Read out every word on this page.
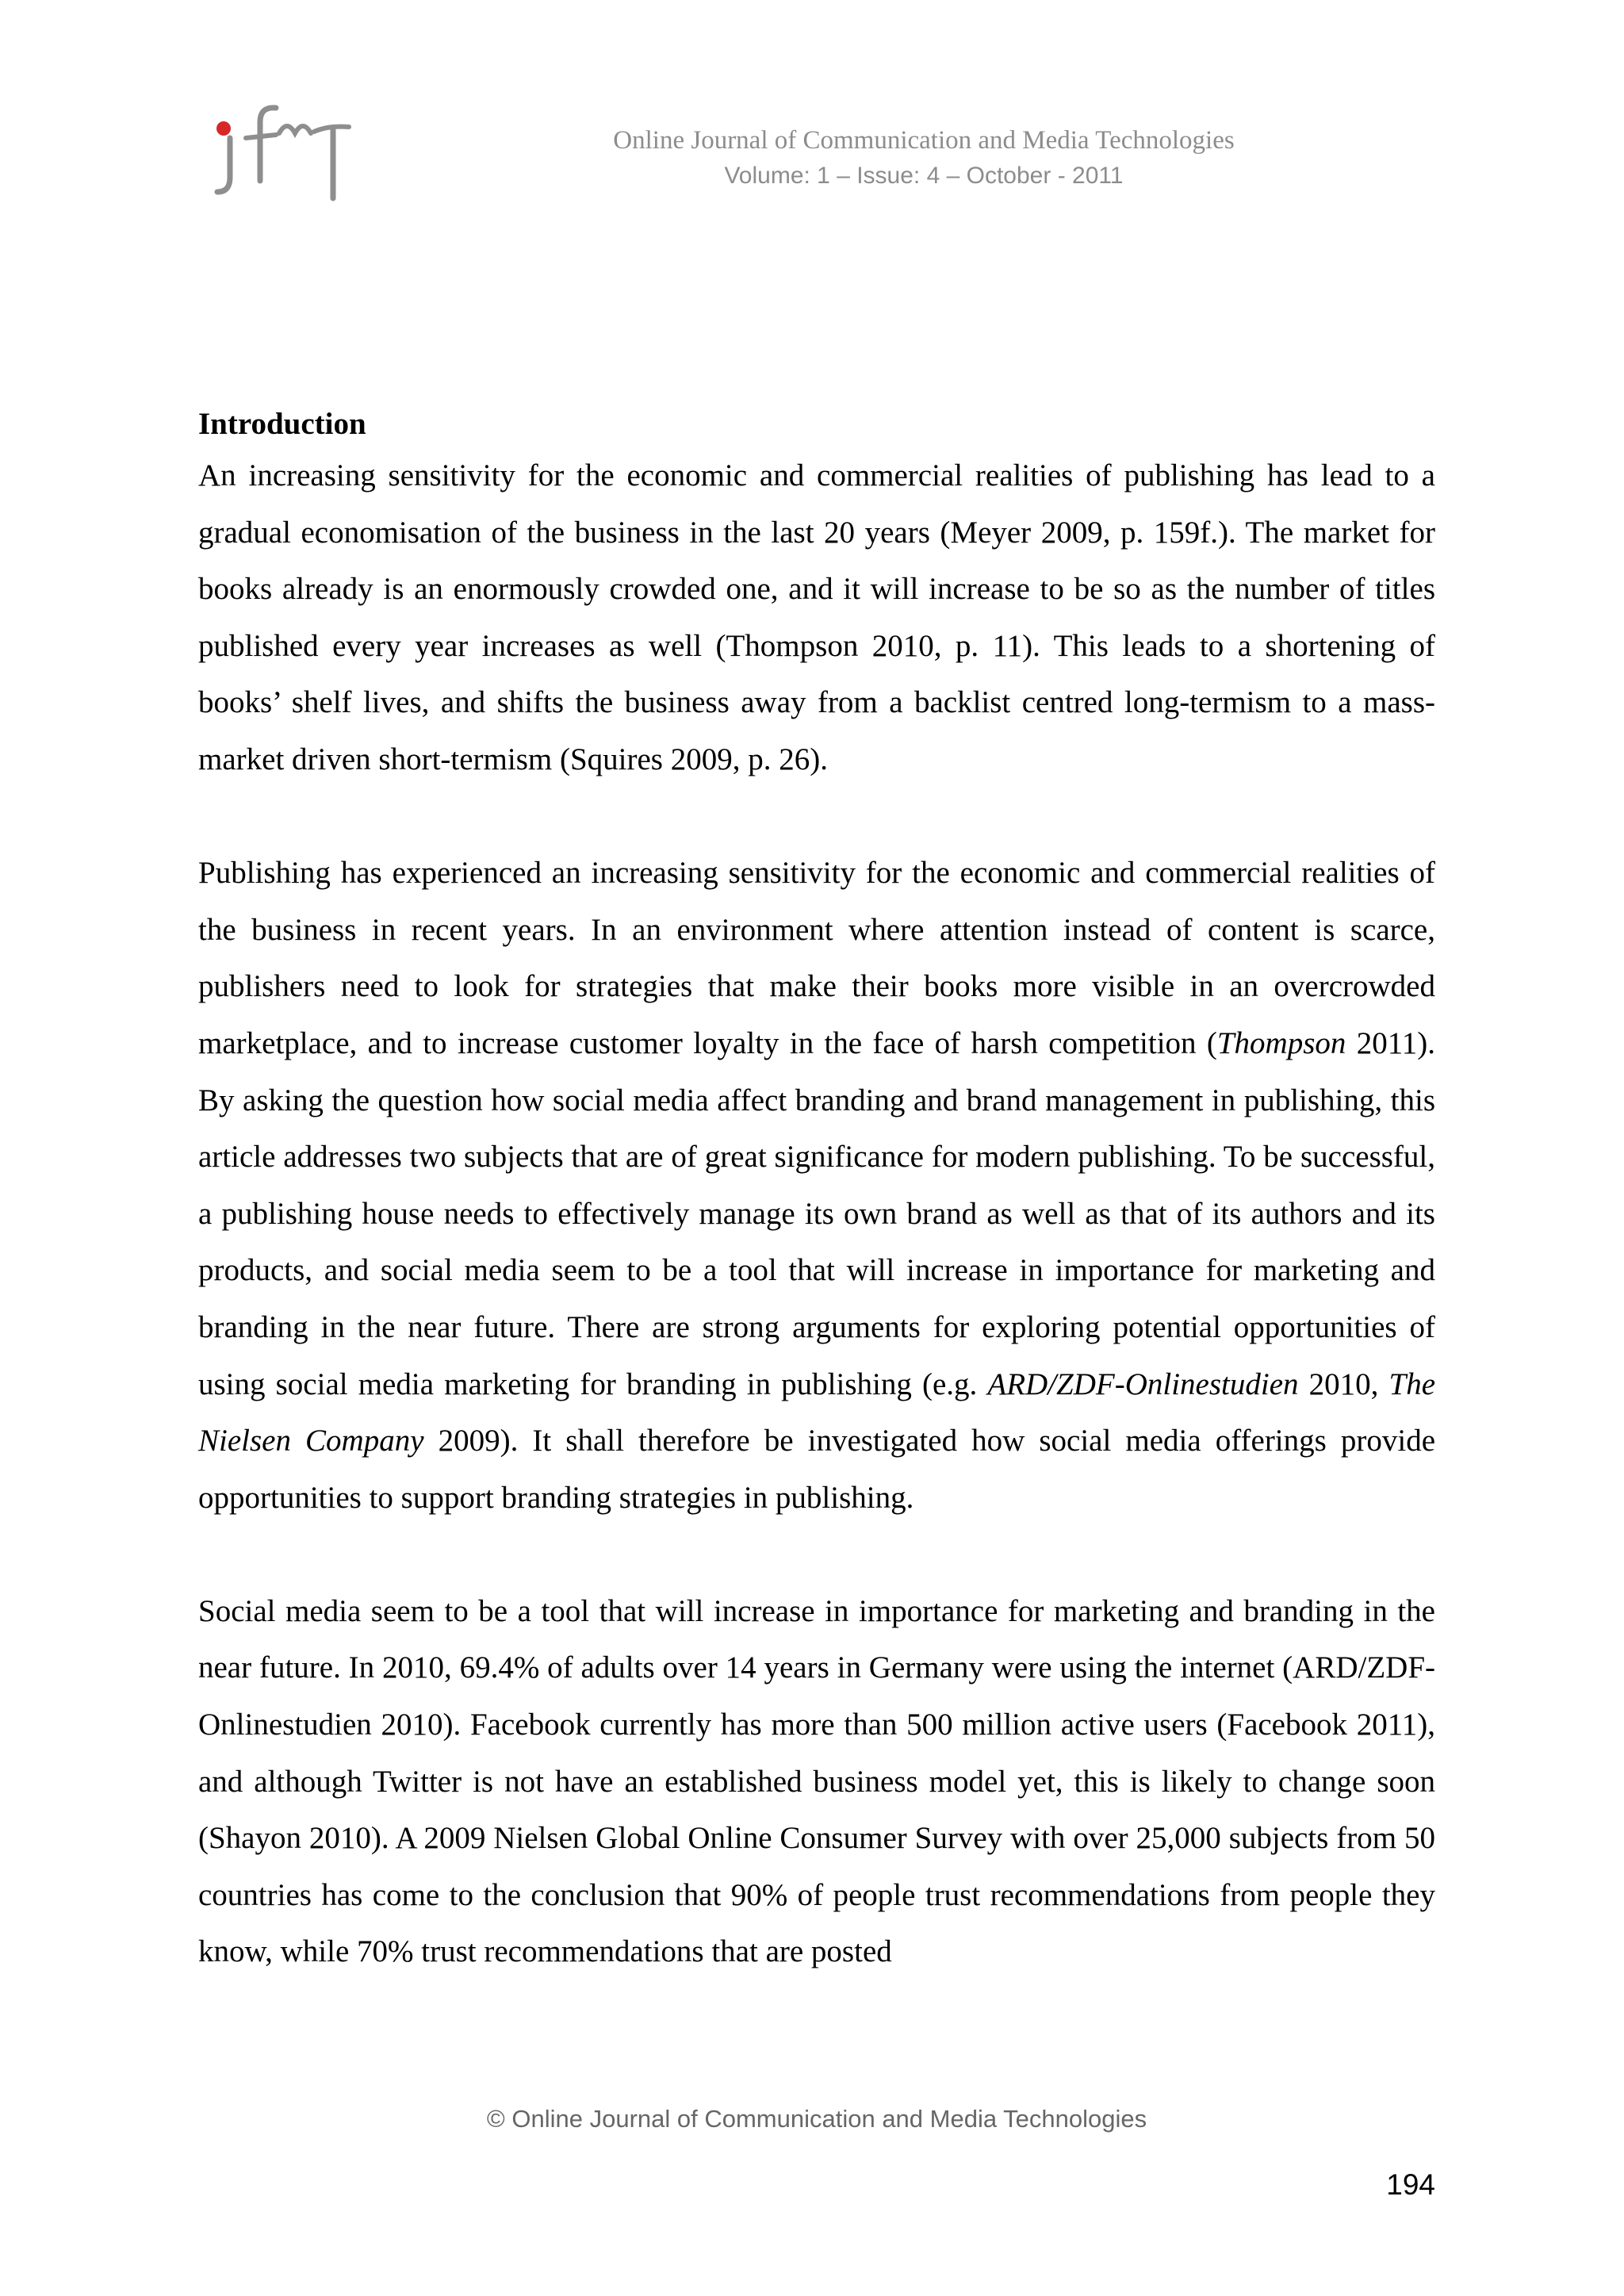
Online Journal of Communication and Media Technologies
Volume: 1 – Issue: 4 – October - 2011
Introduction

An increasing sensitivity for the economic and commercial realities of publishing has lead to a gradual economisation of the business in the last 20 years (Meyer 2009, p. 159f.). The market for books already is an enormously crowded one, and it will increase to be so as the number of titles published every year increases as well (Thompson 2010, p. 11). This leads to a shortening of books’ shelf lives, and shifts the business away from a backlist centred long-termism to a mass-market driven short-termism (Squires 2009, p. 26).

Publishing has experienced an increasing sensitivity for the economic and commercial realities of the business in recent years. In an environment where attention instead of content is scarce, publishers need to look for strategies that make their books more visible in an overcrowded marketplace, and to increase customer loyalty in the face of harsh competition (Thompson 2011). By asking the question how social media affect branding and brand management in publishing, this article addresses two subjects that are of great significance for modern publishing. To be successful, a publishing house needs to effectively manage its own brand as well as that of its authors and its products, and social media seem to be a tool that will increase in importance for marketing and branding in the near future. There are strong arguments for exploring potential opportunities of using social media marketing for branding in publishing (e.g. ARD/ZDF-Onlinestudien 2010, The Nielsen Company 2009). It shall therefore be investigated how social media offerings provide opportunities to support branding strategies in publishing.

Social media seem to be a tool that will increase in importance for marketing and branding in the near future. In 2010, 69.4% of adults over 14 years in Germany were using the internet (ARD/ZDF-Onlinestudien 2010). Facebook currently has more than 500 million active users (Facebook 2011), and although Twitter is not have an established business model yet, this is likely to change soon (Shayon 2010). A 2009 Nielsen Global Online Consumer Survey with over 25,000 subjects from 50 countries has come to the conclusion that 90% of people trust recommendations from people they know, while 70% trust recommendations that are posted

© Online Journal of Communication and Media Technologies
194
